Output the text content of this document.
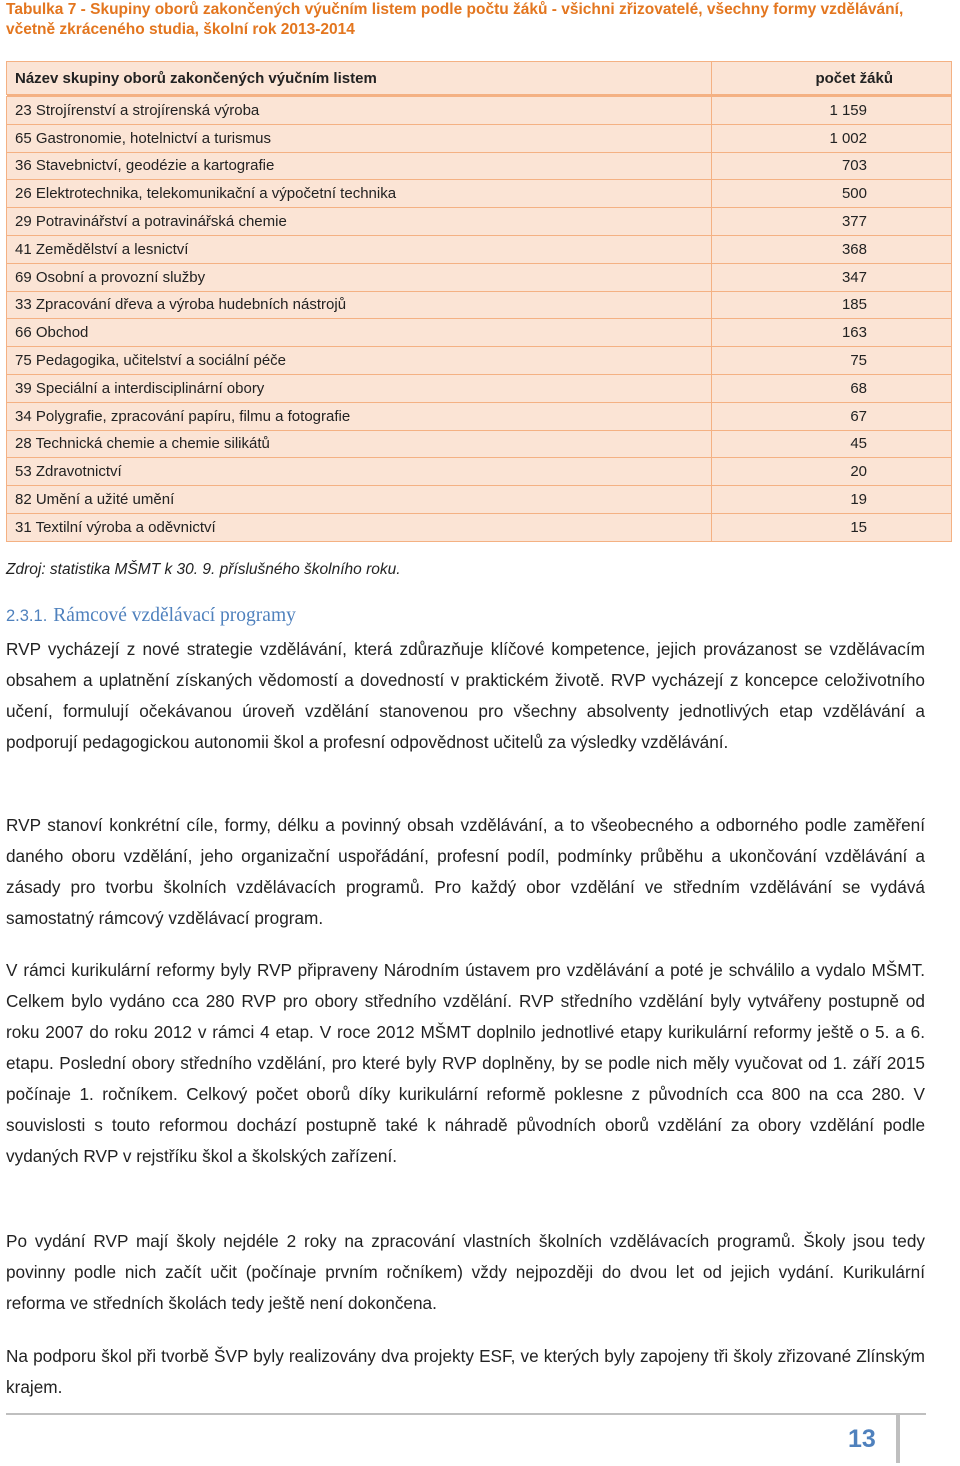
Tabulka 7 - Skupiny oborů zakončených výučním listem podle počtu žáků - všichni zřizovatelé, všechny formy vzdělávání, včetně zkráceného studia, školní rok 2013-2014
Název skupiny oborů zakončených výučním listem	počet žáků

23 Strojírenství a strojírenská výroba	1 159
65 Gastronomie, hotelnictví a turismus	1 002
36 Stavebnictví, geodézie a kartografie	703
26 Elektrotechnika, telekomunikační a výpočetní technika	500
29 Potravinářství a potravinářská chemie	377
41 Zemědělství a lesnictví	368
69 Osobní a provozní služby	347
33 Zpracování dřeva a výroba hudebních nástrojů	185
66 Obchod	163
75 Pedagogika, učitelství a sociální péče	75
39 Speciální a interdisciplinární obory	68
34 Polygrafie, zpracování papíru, filmu a fotografie	67
28 Technická chemie a chemie silikátů	45
53 Zdravotnictví	20
82 Umění a užité umění	19
31 Textilní výroba a oděvnictví	15
Zdroj: statistika MŠMT k 30. 9. příslušného školního roku.
2.3.1. Rámcové vzdělávací programy

RVP vycházejí z nové strategie vzdělávání, která zdůrazňuje klíčové kompetence, jejich provázanost se vzdělávacím obsahem a uplatnění získaných vědomostí a dovedností v praktickém životě. RVP vycházejí z koncepce celoživotního učení, formulují očekávanou úroveň vzdělání stanovenou pro všechny absolventy jednotlivých etap vzdělávání a podporují pedagogickou autonomii škol a profesní odpovědnost učitelů za výsledky vzdělávání.

RVP stanoví konkrétní cíle, formy, délku a povinný obsah vzdělávání, a to všeobecného a odborného podle zaměření daného oboru vzdělání, jeho organizační uspořádání, profesní podíl, podmínky průběhu a ukončování vzdělávání a zásady pro tvorbu školních vzdělávacích programů. Pro každý obor vzdělání ve středním vzdělávání se vydává samostatný rámcový vzdělávací program.

V rámci kurikulární reformy byly RVP připraveny Národním ústavem pro vzdělávání a poté je schválilo a vydalo MŠMT. Celkem bylo vydáno cca 280 RVP pro obory středního vzdělání. RVP středního vzdělání byly vytvářeny postupně od roku 2007 do roku 2012 v rámci 4 etap. V roce 2012 MŠMT doplnilo jednotlivé etapy kurikulární reformy ještě o 5. a 6. etapu. Poslední obory středního vzdělání, pro které byly RVP doplněny, by se podle nich měly vyučovat od 1. září 2015 počínaje 1. ročníkem. Celkový počet oborů díky kurikulární reformě poklesne z původních cca 800 na cca 280. V souvislosti s touto reformou dochází postupně také k náhradě původních oborů vzdělání za obory vzdělání podle vydaných RVP v rejstříku škol a školských zařízení.

Po vydání RVP mají školy nejdéle 2 roky na zpracování vlastních školních vzdělávacích programů. Školy jsou tedy povinny podle nich začít učit (počínaje prvním ročníkem) vždy nejpozději do dvou let od jejich vydání. Kurikulární reforma ve středních školách tedy ještě není dokončena.

Na podporu škol při tvorbě ŠVP byly realizovány dva projekty ESF, ve kterých byly zapojeny tři školy zřizované Zlínským krajem.

13
